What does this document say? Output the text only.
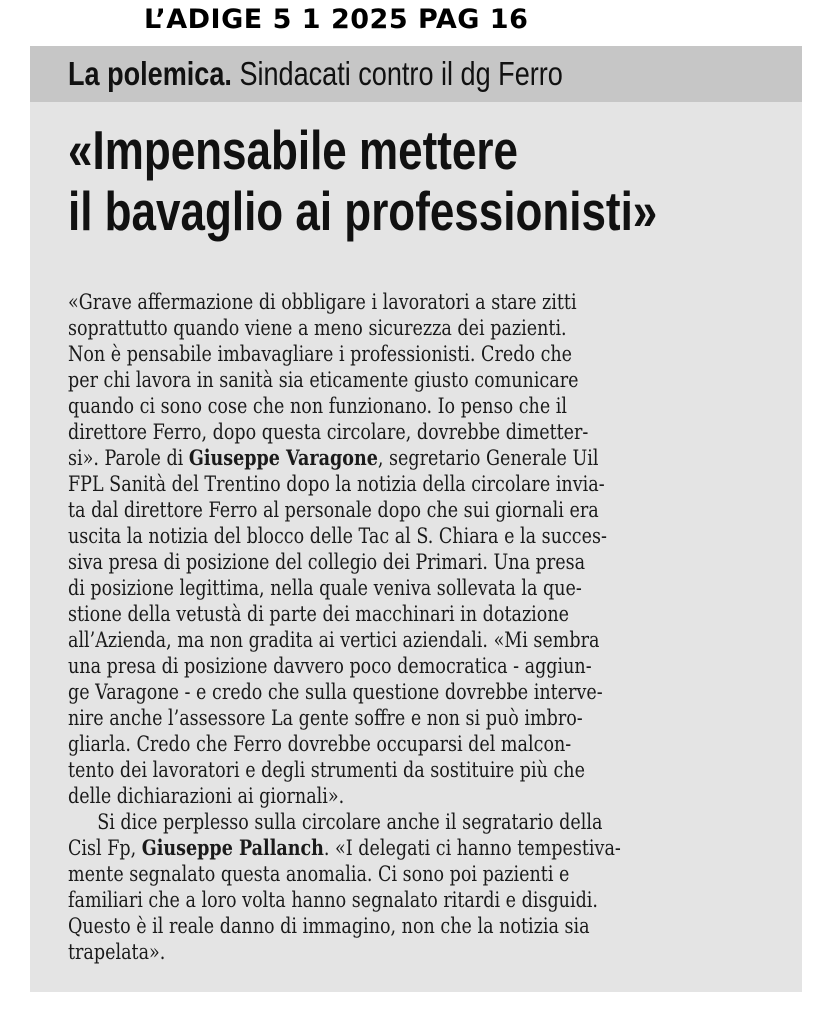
L’ADIGE 5 1 2025 PAG 16
La polemica. Sindacati contro il dg Ferro
«Impensabile mettere
il bavaglio ai professionisti»

«Grave affermazione di obbligare i lavoratori a stare zitti
soprattutto quando viene a meno sicurezza dei pazienti.
Non è pensabile imbavagliare i professionisti. Credo che
per chi lavora in sanità sia eticamente giusto comunicare
quando ci sono cose che non funzionano. Io penso che il
direttore Ferro, dopo questa circolare, dovrebbe dimetter-
si». Parole di Giuseppe Varagone, segretario Generale Uil
FPL Sanità del Trentino dopo la notizia della circolare invia-
ta dal direttore Ferro al personale dopo che sui giornali era
uscita la notizia del blocco delle Tac al S. Chiara e la succes-
siva presa di posizione del collegio dei Primari. Una presa
di posizione legittima, nella quale veniva sollevata la que-
stione della vetustà di parte dei macchinari in dotazione
all’Azienda, ma non gradita ai vertici aziendali. «Mi sembra
una presa di posizione davvero poco democratica - aggiun-
ge Varagone - e credo che sulla questione dovrebbe interve-
nire anche l’assessore La gente soffre e non si può imbro-
gliarla. Credo che Ferro dovrebbe occuparsi del malcon-
tento dei lavoratori e degli strumenti da sostituire più che
delle dichiarazioni ai giornali».

Si dice perplesso sulla circolare anche il segratario della
Cisl Fp, Giuseppe Pallanch. «I delegati ci hanno tempestiva-
mente segnalato questa anomalia. Ci sono poi pazienti e
familiari che a loro volta hanno segnalato ritardi e disguidi.
Questo è il reale danno di immagino, non che la notizia sia
trapelata».
